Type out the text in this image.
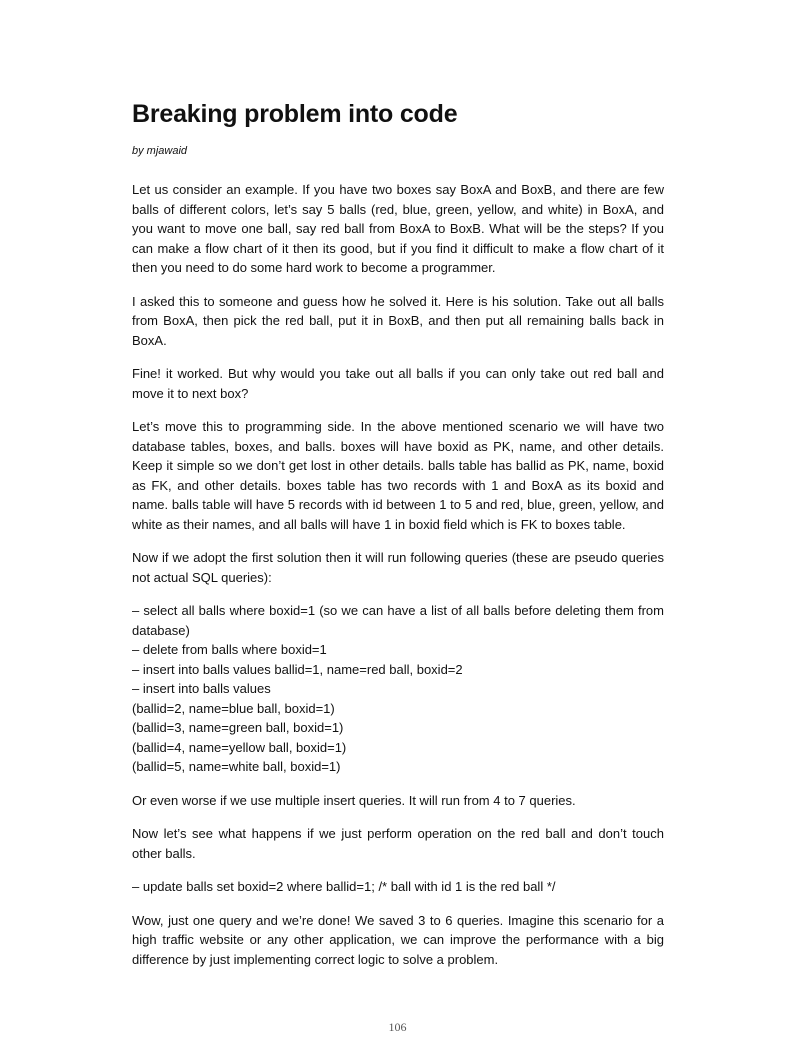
Breaking problem into code
by mjawaid

Let us consider an example. If you have two boxes say BoxA and BoxB, and there are few balls of different colors, let’s say 5 balls (red, blue, green, yellow, and white) in BoxA, and you want to move one ball, say red ball from BoxA to BoxB. What will be the steps? If you can make a flow chart of it then its good, but if you find it difficult to make a flow chart of it then you need to do some hard work to become a programmer.

I asked this to someone and guess how he solved it. Here is his solution. Take out all balls from BoxA, then pick the red ball, put it in BoxB, and then put all remaining balls back in BoxA.

Fine! it worked. But why would you take out all balls if you can only take out red ball and move it to next box?

Let’s move this to programming side. In the above mentioned scenario we will have two database tables, boxes, and balls. boxes will have boxid as PK, name, and other details. Keep it simple so we don’t get lost in other details. balls table has ballid as PK, name, boxid as FK, and other details. boxes table has two records with 1 and BoxA as its boxid and name. balls table will have 5 records with id between 1 to 5 and red, blue, green, yellow, and white as their names, and all balls will have 1 in boxid field which is FK to boxes table.

Now if we adopt the first solution then it will run following queries (these are pseudo queries not actual SQL queries):

– select all balls where boxid=1 (so we can have a list of all balls before deleting them from database)
– delete from balls where boxid=1
– insert into balls values ballid=1, name=red ball, boxid=2
– insert into balls values
(ballid=2, name=blue ball, boxid=1)
(ballid=3, name=green ball, boxid=1)
(ballid=4, name=yellow ball, boxid=1)
(ballid=5, name=white ball, boxid=1)

Or even worse if we use multiple insert queries. It will run from 4 to 7 queries.

Now let’s see what happens if we just perform operation on the red ball and don’t touch other balls.

– update balls set boxid=2 where ballid=1; /* ball with id 1 is the red ball */

Wow, just one query and we’re done! We saved 3 to 6 queries. Imagine this scenario for a high traffic website or any other application, we can improve the performance with a big difference by just implementing correct logic to solve a problem.

106
